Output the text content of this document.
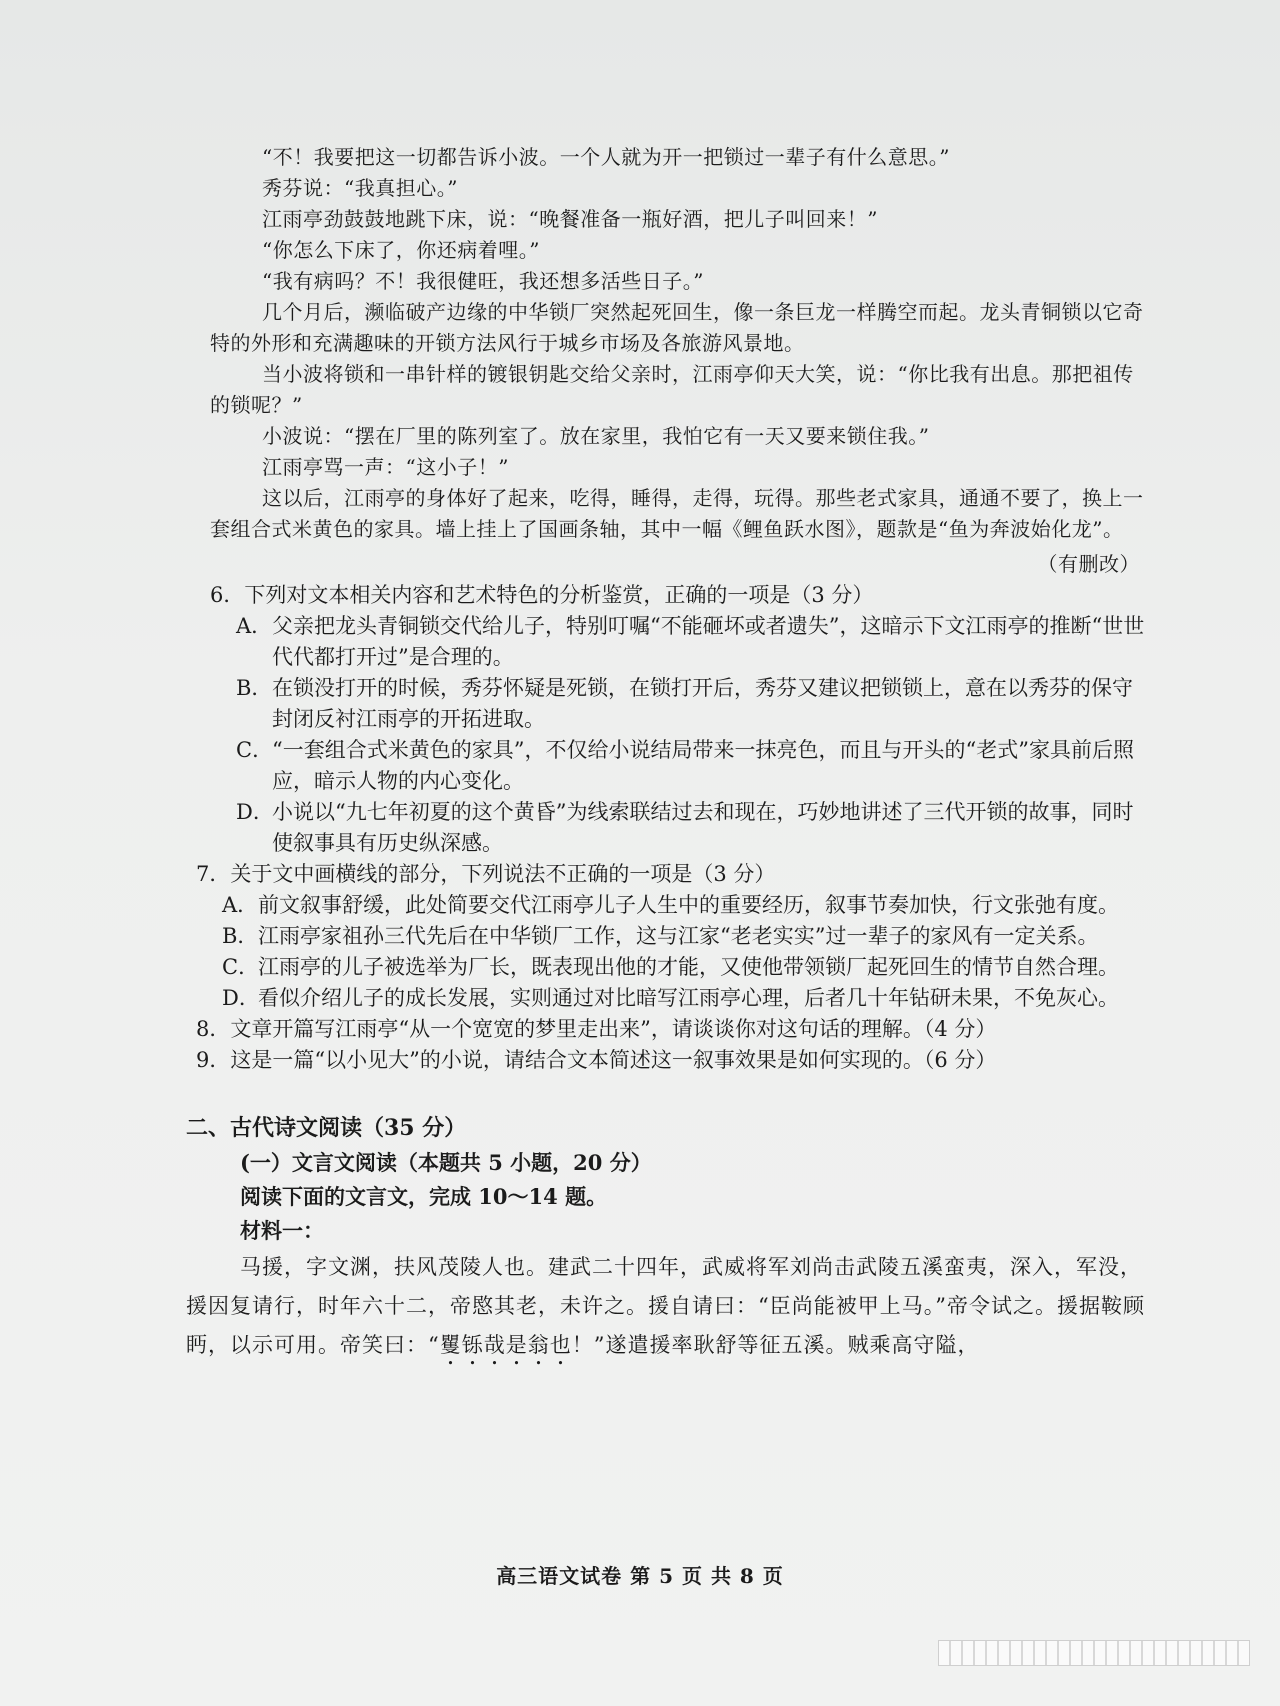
“不！我要把这一切都告诉小波。一个人就为开一把锁过一辈子有什么意思。”

秀芬说：“我真担心。”

江雨亭劲鼓鼓地跳下床，说：“晚餐准备一瓶好酒，把儿子叫回来！”

“你怎么下床了，你还病着哩。”

“我有病吗？不！我很健旺，我还想多活些日子。”

几个月后，濒临破产边缘的中华锁厂突然起死回生，像一条巨龙一样腾空而起。龙头青铜锁以它奇特的外形和充满趣味的开锁方法风行于城乡市场及各旅游风景地。

当小波将锁和一串针样的镀银钥匙交给父亲时，江雨亭仰天大笑，说：“你比我有出息。那把祖传的锁呢？”

小波说：“摆在厂里的陈列室了。放在家里，我怕它有一天又要来锁住我。”

江雨亭骂一声：“这小子！”

这以后，江雨亭的身体好了起来，吃得，睡得，走得，玩得。那些老式家具，通通不要了，换上一套组合式米黄色的家具。墙上挂上了国画条轴，其中一幅《鲤鱼跃水图》，题款是“鱼为奔波始化龙”。

（有删改）

6．下列对文本相关内容和艺术特色的分析鉴赏，正确的一项是（3 分）

A．父亲把龙头青铜锁交代给儿子，特别叮嘱“不能砸坏或者遗失”，这暗示下文江雨亭的推断“世世代代都打开过”是合理的。

B．在锁没打开的时候，秀芬怀疑是死锁，在锁打开后，秀芬又建议把锁锁上，意在以秀芬的保守封闭反衬江雨亭的开拓进取。

C．“一套组合式米黄色的家具”，不仅给小说结局带来一抹亮色，而且与开头的“老式”家具前后照应，暗示人物的内心变化。

D．小说以“九七年初夏的这个黄昏”为线索联结过去和现在，巧妙地讲述了三代开锁的故事，同时使叙事具有历史纵深感。

7．关于文中画横线的部分，下列说法不正确的一项是（3 分）

A．前文叙事舒缓，此处简要交代江雨亭儿子人生中的重要经历，叙事节奏加快，行文张弛有度。

B．江雨亭家祖孙三代先后在中华锁厂工作，这与江家“老老实实”过一辈子的家风有一定关系。

C．江雨亭的儿子被选举为厂长，既表现出他的才能，又使他带领锁厂起死回生的情节自然合理。

D．看似介绍儿子的成长发展，实则通过对比暗写江雨亭心理，后者几十年钻研未果，不免灰心。

8．文章开篇写江雨亭“从一个宽宽的梦里走出来”，请谈谈你对这句话的理解。（4 分）

9．这是一篇“以小见大”的小说，请结合文本简述这一叙事效果是如何实现的。（6 分）

二、古代诗文阅读（35 分）

(一）文言文阅读（本题共 5 小题，20 分）

阅读下面的文言文，完成 10～14 题。

材料一：

马援，字文渊，扶风茂陵人也。建武二十四年，武威将军刘尚击武陵五溪蛮夷，深入，军没，援因复请行，时年六十二，帝愍其老，未许之。援自请曰：“臣尚能被甲上马。”帝令试之。援据鞍顾眄，以示可用。帝笑曰：“矍铄哉是翁也！”遂遣援率耿舒等征五溪。贼乘高守隘，

高三语文试卷 第 5 页 共 8 页
